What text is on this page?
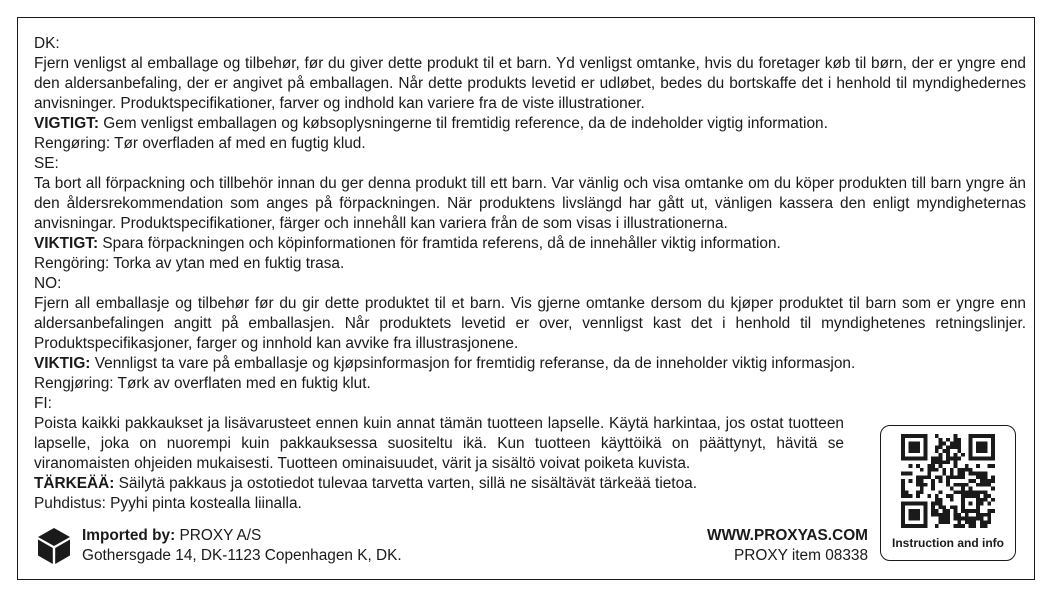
DK:

Fjern venligst al emballage og tilbehør, før du giver dette produkt til et barn. Yd venligst omtanke, hvis du foretager køb til børn, der er yngre end den aldersanbefaling, der er angivet på emballagen. Når dette produkts levetid er udløbet, bedes du bortskaffe det i henhold til myndighedernes anvisninger. Produktspecifikationer, farver og indhold kan variere fra de viste illustrationer.

VIGTIGT: Gem venligst emballagen og købsoplysningerne til fremtidig reference, da de indeholder vigtig information.

Rengøring: Tør overfladen af med en fugtig klud.

SE:

Ta bort all förpackning och tillbehör innan du ger denna produkt till ett barn. Var vänlig och visa omtanke om du köper produkten till barn yngre än den åldersrekommendation som anges på förpackningen. När produktens livslängd har gått ut, vänligen kassera den enligt myndigheternas anvisningar. Produktspecifikationer, färger och innehåll kan variera från de som visas i illustrationerna.

VIKTIGT: Spara förpackningen och köpinformationen för framtida referens, då de innehåller viktig information.

Rengöring: Torka av ytan med en fuktig trasa.

NO:

Fjern all emballasje og tilbehør før du gir dette produktet til et barn. Vis gjerne omtanke dersom du kjøper produktet til barn som er yngre enn aldersanbefalingen angitt på emballasjen. Når produktets levetid er over, vennligst kast det i henhold til myndighetenes retningslinjer. Produktspecifikasjoner, farger og innhold kan avvike fra illustrasjonene.

VIKTIG: Vennligst ta vare på emballasje og kjøpsinformasjon for fremtidig referanse, da de inneholder viktig informasjon.

Rengjøring: Tørk av overflaten med en fuktig klut.

FI:

Poista kaikki pakkaukset ja lisävarusteet ennen kuin annat tämän tuotteen lapselle. Käytä harkintaa, jos ostat tuotteen lapselle, joka on nuorempi kuin pakkauksessa suositeltu ikä. Kun tuotteen käyttöikä on päättynyt, hävitä se viranomaisten ohjeiden mukaisesti. Tuotteen ominaisuudet, värit ja sisältö voivat poiketa kuvista.

TÄRKEÄÄ: Säilytä pakkaus ja ostotiedot tulevaa tarvetta varten, sillä ne sisältävät tärkeää tietoa.

Puhdistus: Pyyhi pinta kostealla liinalla.

Imported by: PROXY A/S
Gothersgade 14, DK-1123 Copenhagen K, DK.
WWW.PROXYAS.COM
PROXY item 08338
Instruction and info
